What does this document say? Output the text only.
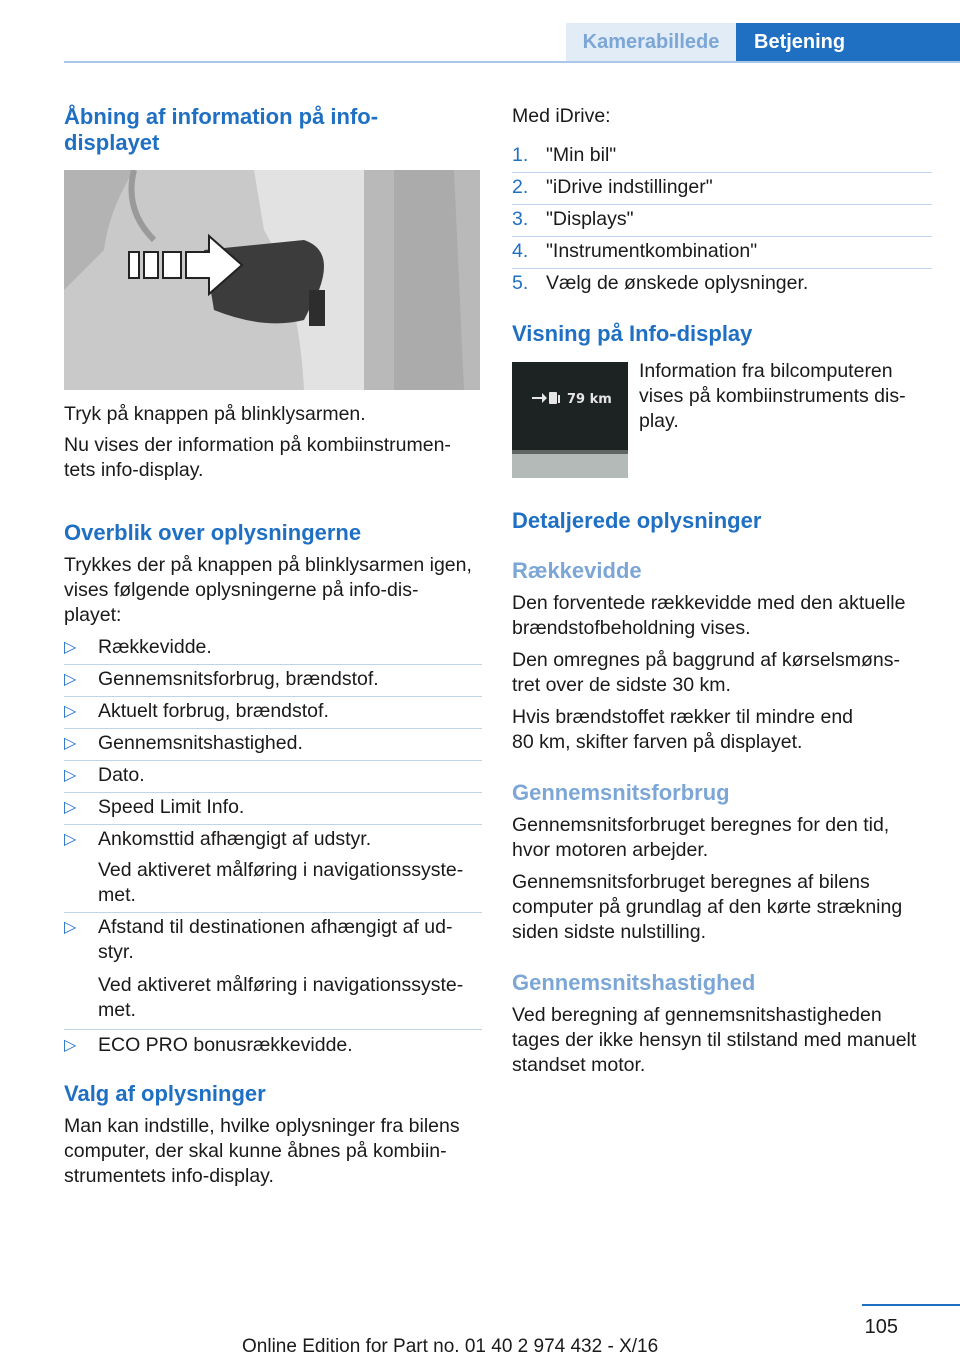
Kamerabillede	Betjening
Åbning af information på info-
displayet

Tryk på knappen på blinklysarmen.

Nu vises der information på kombiinstrumen-
tets info-display.

Overblik over oplysningerne

Trykkes der på knappen på blinklysarmen igen,
vises følgende oplysningerne på info-dis-
playet:

▷ Rækkevidde.
▷ Gennemsnitsforbrug, brændstof.
▷ Aktuelt forbrug, brændstof.
▷ Gennemsnitshastighed.
▷ Dato.
▷ Speed Limit Info.
▷ Ankomsttid afhængigt af udstyr.
Ved aktiveret målføring i navigationssyste-
met.
▷ Afstand til destinationen afhængigt af ud-
styr.
Ved aktiveret målføring i navigationssyste-
met.
▷ ECO PRO bonusrækkevidde.
Valg af oplysninger

Man kan indstille, hvilke oplysninger fra bilens
computer, der skal kunne åbnes på kombiin-
strumentets info-display.

Med iDrive:

1. "Min bil"
2. "iDrive indstillinger"
3. "Displays"
4. "Instrumentkombination"
5. Vælg de ønskede oplysninger.
Visning på Info-display
79 km

Information fra bilcomputeren
vises på kombiinstruments dis-
play.

Detaljerede oplysninger
Rækkevidde

Den forventede rækkevidde med den aktuelle
brændstofbeholdning vises.

Den omregnes på baggrund af kørselsmøns-
tret over de sidste 30 km.

Hvis brændstoffet rækker til mindre end
80 km, skifter farven på displayet.

Gennemsnitsforbrug

Gennemsnitsforbruget beregnes for den tid,
hvor motoren arbejder.

Gennemsnitsforbruget beregnes af bilens
computer på grundlag af den kørte strækning
siden sidste nulstilling.

Gennemsnitshastighed

Ved beregning af gennemsnitshastigheden
tages der ikke hensyn til stilstand med manuelt
standset motor.

105
Online Edition for Part no. 01 40 2 974 432 - X/16
